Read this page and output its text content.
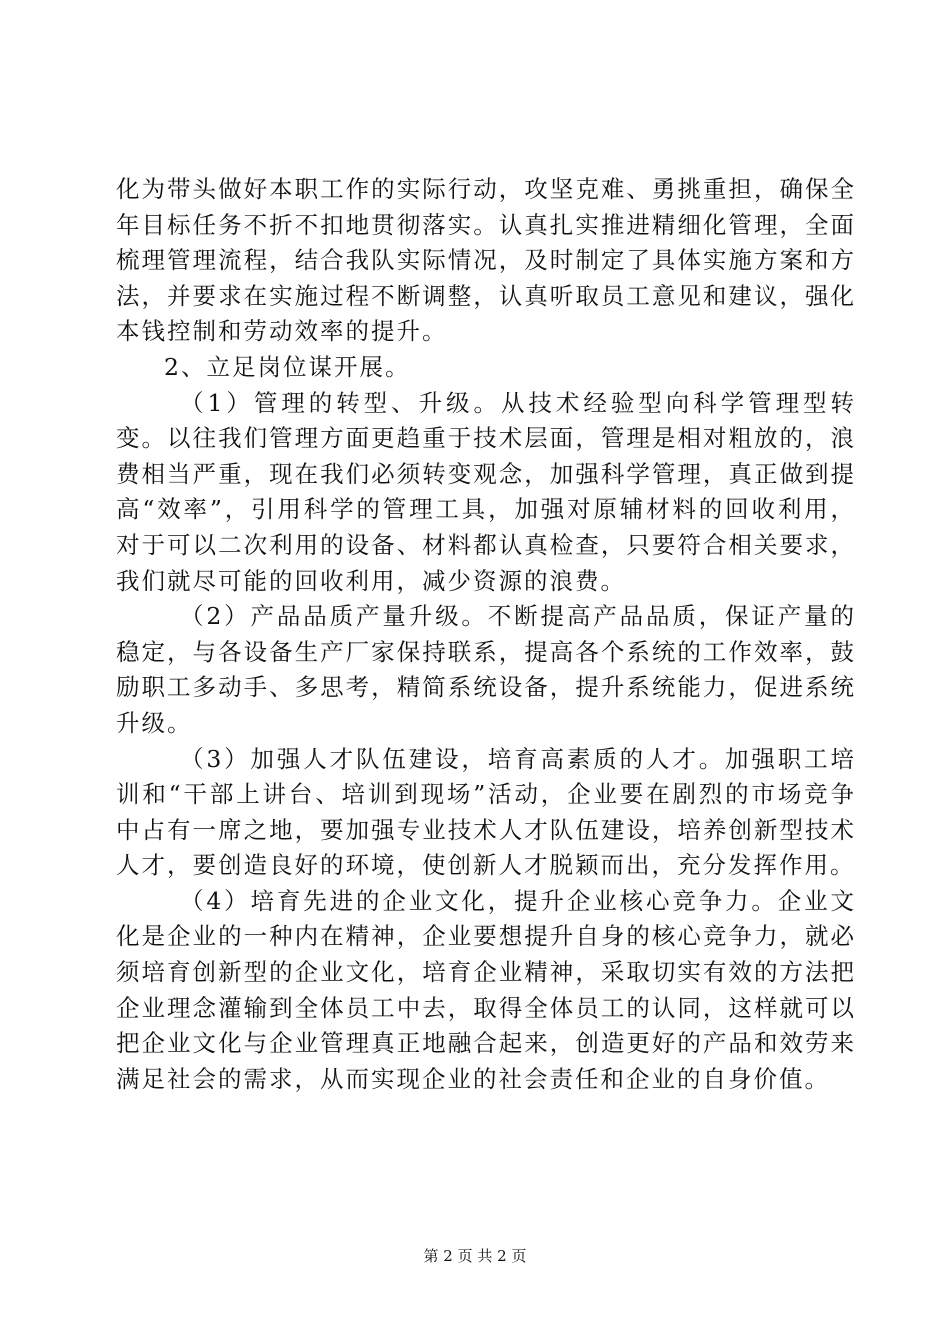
化为带头做好本职工作的实际行动，攻坚克难、勇挑重担，确保全年目标任务不折不扣地贯彻落实。认真扎实推进精细化管理，全面梳理管理流程，结合我队实际情况，及时制定了具体实施方案和方法，并要求在实施过程不断调整，认真听取员工意见和建议，强化本钱控制和劳动效率的提升。

2、立足岗位谋开展。

（1）管理的转型、升级。从技术经验型向科学管理型转变。以往我们管理方面更趋重于技术层面，管理是相对粗放的，浪费相当严重，现在我们必须转变观念，加强科学管理，真正做到提高“效率”，引用科学的管理工具，加强对原辅材料的回收利用，对于可以二次利用的设备、材料都认真检查，只要符合相关要求，我们就尽可能的回收利用，减少资源的浪费。

（2）产品品质产量升级。不断提高产品品质，保证产量的稳定，与各设备生产厂家保持联系，提高各个系统的工作效率，鼓励职工多动手、多思考，精简系统设备，提升系统能力，促进系统升级。

（3）加强人才队伍建设，培育高素质的人才。加强职工培训和“干部上讲台、培训到现场”活动，企业要在剧烈的市场竞争中占有一席之地，要加强专业技术人才队伍建设，培养创新型技术人才，要创造良好的环境，使创新人才脱颖而出，充分发挥作用。

（4）培育先进的企业文化，提升企业核心竞争力。企业文化是企业的一种内在精神，企业要想提升自身的核心竞争力，就必须培育创新型的企业文化，培育企业精神，采取切实有效的方法把企业理念灌输到全体员工中去，取得全体员工的认同，这样就可以把企业文化与企业管理真正地融合起来，创造更好的产品和效劳来满足社会的需求，从而实现企业的社会责任和企业的自身价值。

第 2 页 共 2 页
